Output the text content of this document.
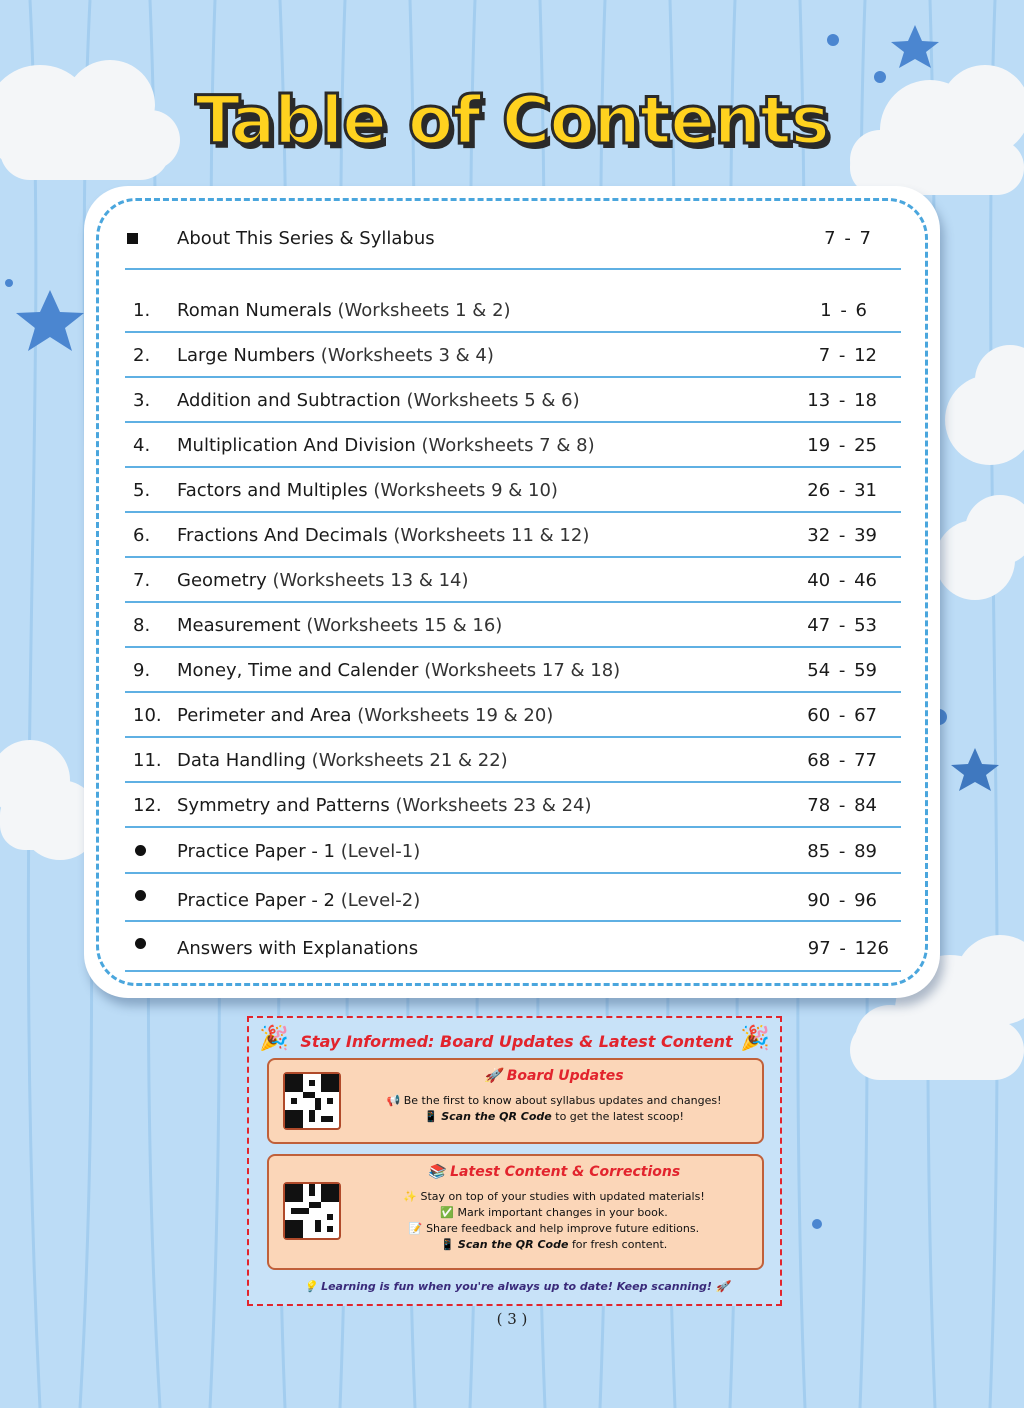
Table of Contents
About This Series & Syllabus	7 - 7
1. Roman Numerals (Worksheets 1 & 2)	1 - 6
2. Large Numbers (Worksheets 3 & 4)	7 - 12
3. Addition and Subtraction (Worksheets 5 & 6)	13 - 18
4. Multiplication And Division (Worksheets 7 & 8)	19 - 25
5. Factors and Multiples (Worksheets 9 & 10)	26 - 31
6. Fractions And Decimals (Worksheets 11 & 12)	32 - 39
7. Geometry (Worksheets 13 & 14)	40 - 46
8. Measurement (Worksheets 15 & 16)	47 - 53
9. Money, Time and Calender (Worksheets 17 & 18)	54 - 59
10. Perimeter and Area (Worksheets 19 & 20)	60 - 67
11. Data Handling (Worksheets 21 & 22)	68 - 77
12. Symmetry and Patterns (Worksheets 23 & 24)	78 - 84
Practice Paper - 1 (Level-1)	85 - 89
Practice Paper - 2 (Level-2)	90 - 96
Answers with Explanations	97 - 126
🎉 Stay Informed: Board Updates & Latest Content 🎉
🚀 Board Updates
📢 Be the first to know about syllabus updates and changes!
📱 Scan the QR Code to get the latest scoop!
📚 Latest Content & Corrections
✨ Stay on top of your studies with updated materials!
✅ Mark important changes in your book.
📝 Share feedback and help improve future editions.
📱 Scan the QR Code for fresh content.
💡 Learning is fun when you're always up to date! Keep scanning! 🚀
( 3 )
